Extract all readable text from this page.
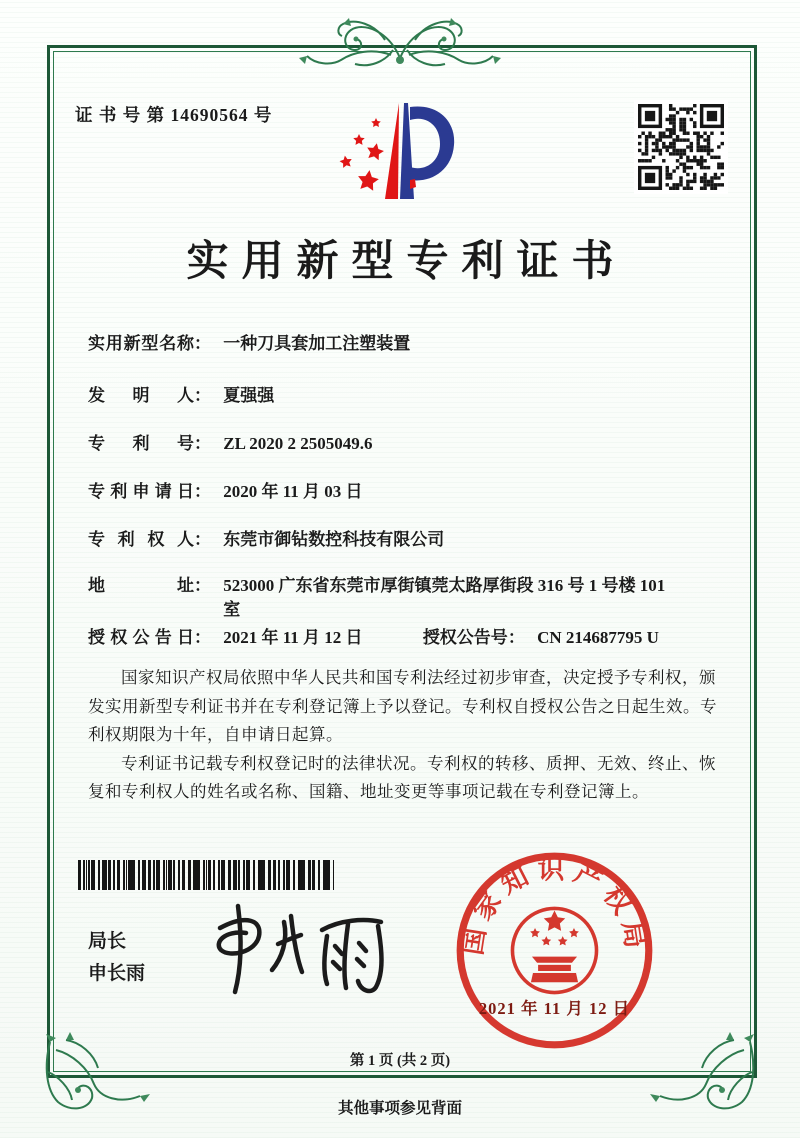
证 书 号 第 14690564 号
实用新型专利证书
实用新型名称： 一种刀具套加工注塑装置
发明人： 夏强强
专利号： ZL 2020 2 2505049.6
专利申请日： 2020 年 11 月 03 日
专利权人： 东莞市御钻数控科技有限公司
地址： 523000 广东省东莞市厚街镇莞太路厚街段 316 号 1 号楼 101
室
授权公告日： 2021 年 11 月 12 日	授权公告号： CN 214687795 U

国家知识产权局依照中华人民共和国专利法经过初步审查，决定授予专利权，颁发实用新型专利证书并在专利登记簿上予以登记。专利权自授权公告之日起生效。专利权期限为十年，自申请日起算。

专利证书记载专利权登记时的法律状况。专利权的转移、质押、无效、终止、恢复和专利权人的姓名或名称、国籍、地址变更等事项记载在专利登记簿上。

局长
申长雨
国家知识产权局
2021 年 11 月 12 日
第 1 页 (共 2 页)
其他事项参见背面
